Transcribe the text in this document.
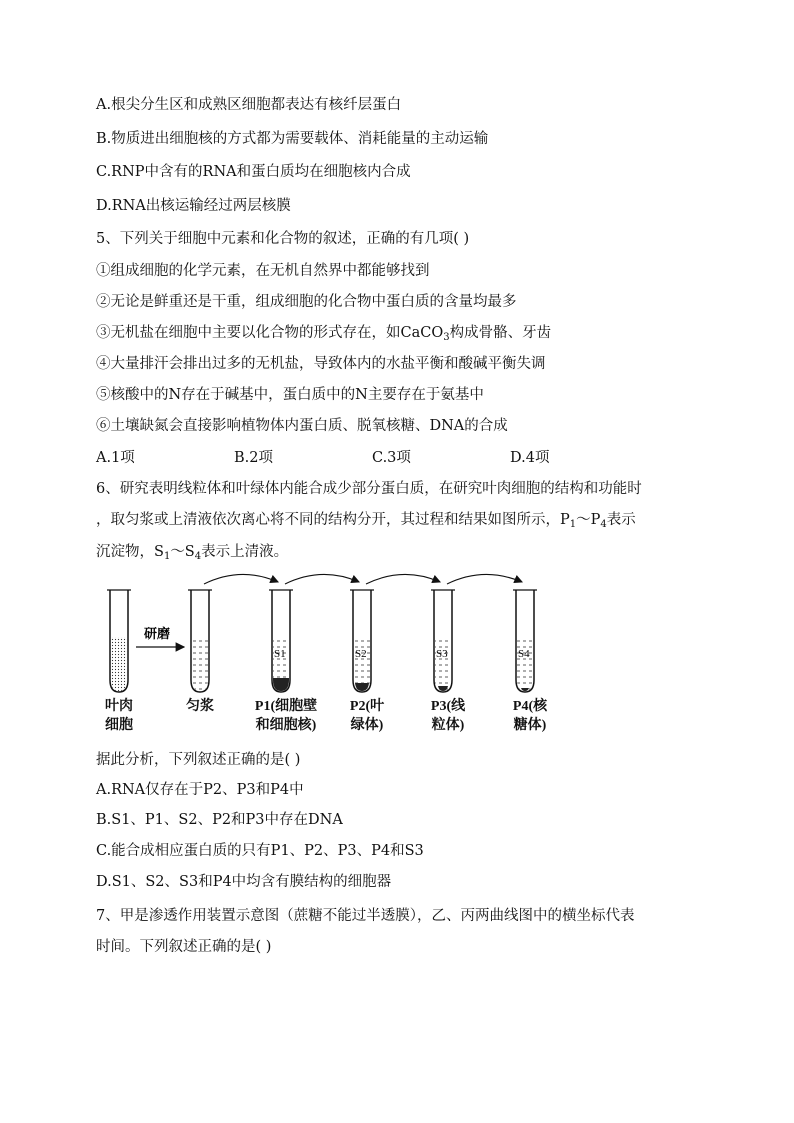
A.根尖分生区和成熟区细胞都表达有核纤层蛋白
B.物质进出细胞核的方式都为需要载体、消耗能量的主动运输
C.RNP中含有的RNA和蛋白质均在细胞核内合成
D.RNA出核运输经过两层核膜
5、下列关于细胞中元素和化合物的叙述，正确的有几项( )
①组成细胞的化学元素，在无机自然界中都能够找到
②无论是鲜重还是干重，组成细胞的化合物中蛋白质的含量均最多
③无机盐在细胞中主要以化合物的形式存在，如CaCO$_3$构成骨骼、牙齿
④大量排汗会排出过多的无机盐，导致体内的水盐平衡和酸碱平衡失调
⑤核酸中的N存在于碱基中，蛋白质中的N主要存在于氨基中
⑥土壤缺氮会直接影响植物体内蛋白质、脱氧核糖、DNA的合成
A.1项	B.2项	C.3项	D.4项
6、研究表明线粒体和叶绿体内能合成少部分蛋白质，在研究叶肉细胞的结构和功能时
，取匀浆或上清液依次离心将不同的结构分开，其过程和结果如图所示，$P_1\sim P_4$表示
沉淀物，$S_1\sim S_4$表示上清液。
研磨
S1	S2	S3	S4
叶肉
细胞
匀浆	P1(细胞壁
和细胞核)
P2(叶
绿体)
P3(线
粒体)
P4(核
糖体)
据此分析，下列叙述正确的是( )
A.RNA仅存在于P2、P3和P4中
B.S1、P1、S2、P2和P3中存在DNA
C.能合成相应蛋白质的只有P1、P2、P3、P4和S3
D.S1、S2、S3和P4中均含有膜结构的细胞器
7、甲是渗透作用装置示意图（蔗糖不能过半透膜），乙、丙两曲线图中的横坐标代表
时间。下列叙述正确的是( )
